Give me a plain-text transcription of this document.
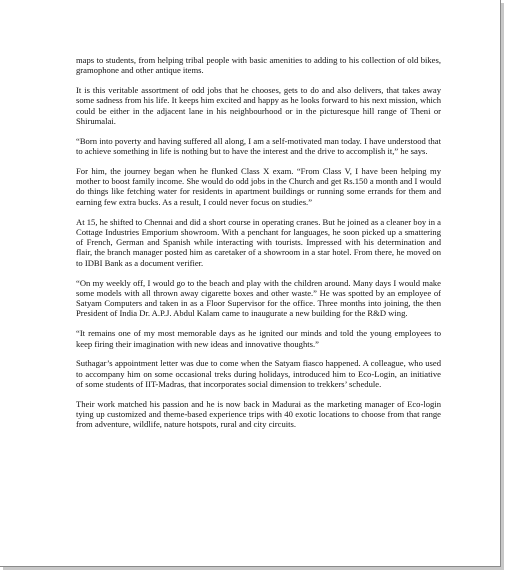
maps to students, from helping tribal people with basic amenities to adding to his collection of old bikes, gramophone and other antique items.

It is this veritable assortment of odd jobs that he chooses, gets to do and also delivers, that takes away some sadness from his life. It keeps him excited and happy as he looks forward to his next mission, which could be either in the adjacent lane in his neighbourhood or in the picturesque hill range of Theni or Shirumalai.

“Born into poverty and having suffered all along, I am a self-motivated man today. I have understood that to achieve something in life is nothing but to have the interest and the drive to accomplish it,” he says.

For him, the journey began when he flunked Class X exam. “From Class V, I have been helping my mother to boost family income. She would do odd jobs in the Church and get Rs.150 a month and I would do things like fetching water for residents in apartment buildings or running some errands for them and earning few extra bucks. As a result, I could never focus on studies.”

At 15, he shifted to Chennai and did a short course in operating cranes. But he joined as a cleaner boy in a Cottage Industries Emporium showroom. With a penchant for languages, he soon picked up a smattering of French, German and Spanish while interacting with tourists. Impressed with his determination and flair, the branch manager posted him as caretaker of a showroom in a star hotel. From there, he moved on to IDBI Bank as a document verifier.

“On my weekly off, I would go to the beach and play with the children around. Many days I would make some models with all thrown away cigarette boxes and other waste.” He was spotted by an employee of Satyam Computers and taken in as a Floor Supervisor for the office. Three months into joining, the then President of India Dr. A.P.J. Abdul Kalam came to inaugurate a new building for the R&D wing.

“It remains one of my most memorable days as he ignited our minds and told the young employees to keep firing their imagination with new ideas and innovative thoughts.”

Suthagar’s appointment letter was due to come when the Satyam fiasco happened. A colleague, who used to accompany him on some occasional treks during holidays, introduced him to Eco-Login, an initiative of some students of IIT-Madras, that incorporates social dimension to trekkers’ schedule.

Their work matched his passion and he is now back in Madurai as the marketing manager of Eco-login tying up customized and theme-based experience trips with 40 exotic locations to choose from that range from adventure, wildlife, nature hotspots, rural and city circuits.
